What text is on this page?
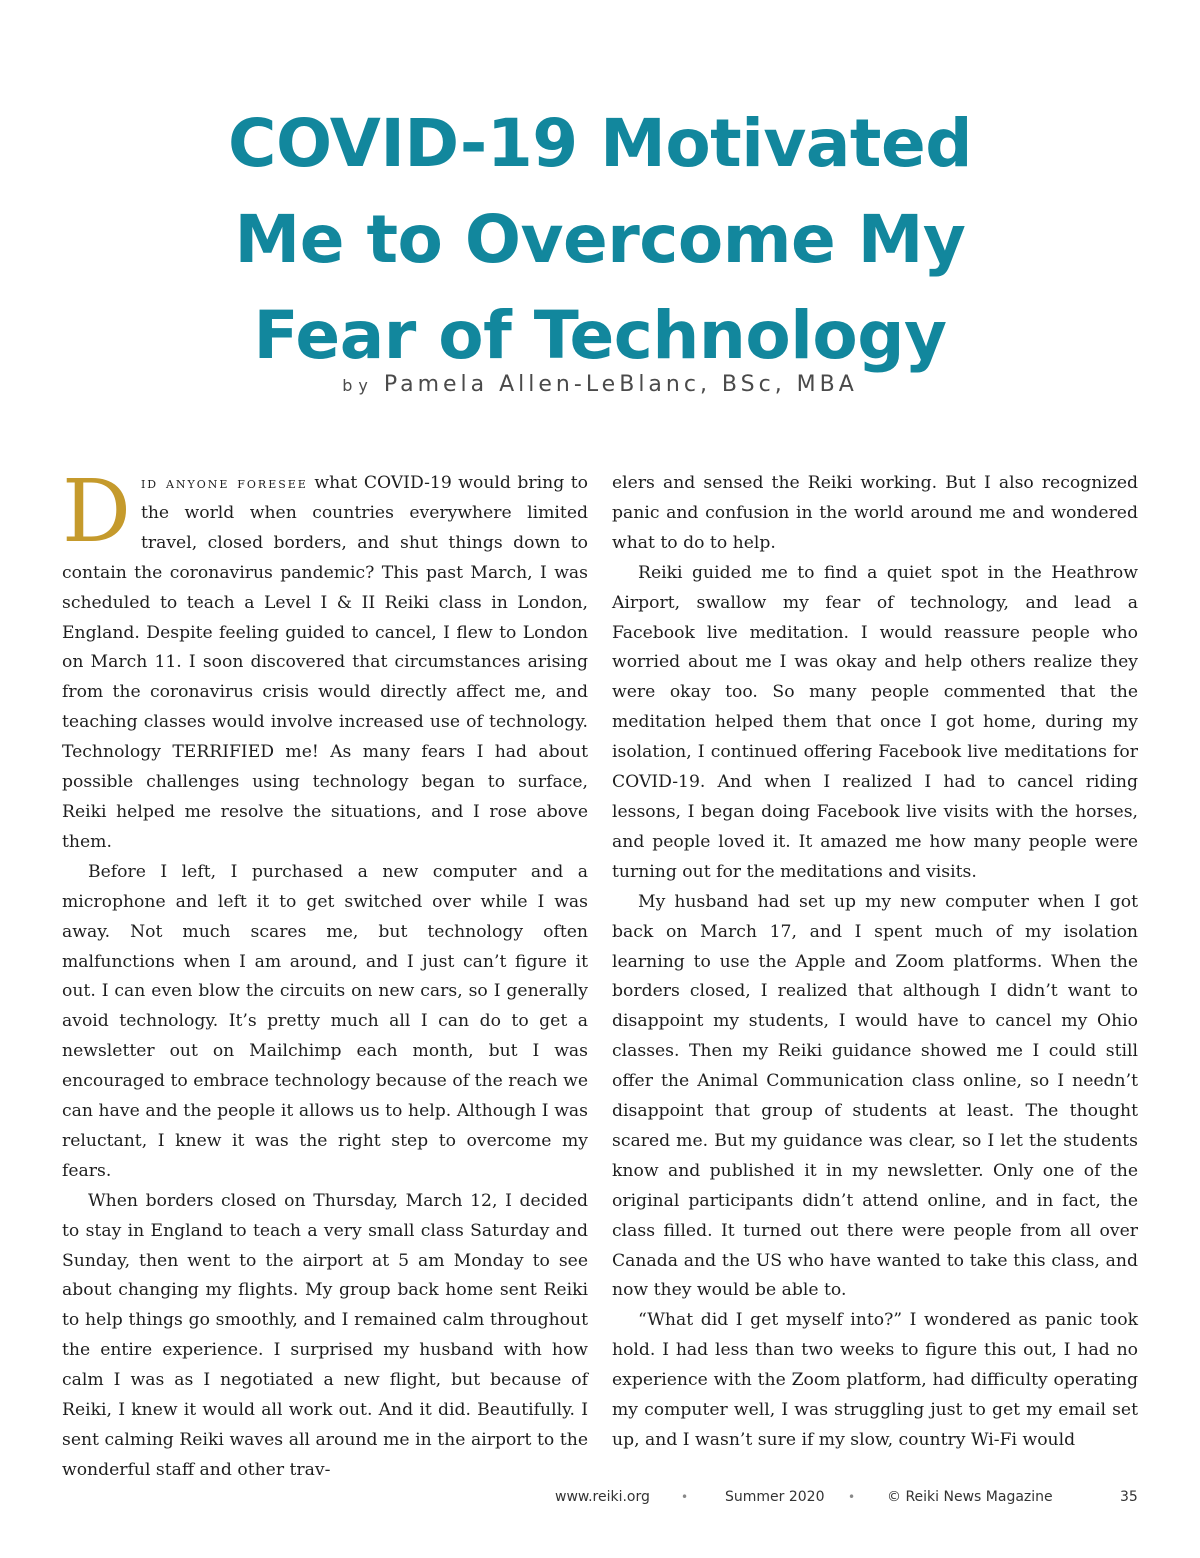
COVID-19 Motivated
Me to Overcome My
Fear of Technology
by Pamela Allen-LeBlanc, BSc, MBA

Did anyone foresee what COVID-19 would bring to the world when countries everywhere limited travel, closed borders, and shut things down to contain the coronavirus pandemic? This past March, I was scheduled to teach a Level I & II Reiki class in London, England. Despite feeling guided to cancel, I flew to London on March 11. I soon discovered that circumstances arising from the coronavirus crisis would directly affect me, and teaching classes would involve increased use of technology. Technology TERRIFIED me! As many fears I had about possible challenges using technology began to surface, Reiki helped me resolve the situations, and I rose above them.

Before I left, I purchased a new computer and a microphone and left it to get switched over while I was away. Not much scares me, but technology often malfunctions when I am around, and I just can’t figure it out. I can even blow the circuits on new cars, so I generally avoid technology. It’s pretty much all I can do to get a newsletter out on Mailchimp each month, but I was encouraged to embrace technology because of the reach we can have and the people it allows us to help. Although I was reluctant, I knew it was the right step to overcome my fears.

When borders closed on Thursday, March 12, I decided to stay in England to teach a very small class Saturday and Sunday, then went to the airport at 5 am Monday to see about changing my flights. My group back home sent Reiki to help things go smoothly, and I remained calm throughout the entire experience. I surprised my husband with how calm I was as I negotiated a new flight, but because of Reiki, I knew it would all work out. And it did. Beautifully. I sent calming Reiki waves all around me in the airport to the wonderful staff and other trav-

elers and sensed the Reiki working. But I also recognized panic and confusion in the world around me and wondered what to do to help.

Reiki guided me to find a quiet spot in the Heathrow Airport, swallow my fear of technology, and lead a Facebook live meditation. I would reassure people who worried about me I was okay and help others realize they were okay too. So many people commented that the meditation helped them that once I got home, during my isolation, I continued offering Facebook live meditations for COVID-19. And when I realized I had to cancel riding lessons, I began doing Facebook live visits with the horses, and people loved it. It amazed me how many people were turning out for the meditations and visits.

My husband had set up my new computer when I got back on March 17, and I spent much of my isolation learning to use the Apple and Zoom platforms. When the borders closed, I realized that although I didn’t want to disappoint my students, I would have to cancel my Ohio classes. Then my Reiki guidance showed me I could still offer the Animal Communication class online, so I needn’t disappoint that group of students at least. The thought scared me. But my guidance was clear, so I let the students know and published it in my newsletter. Only one of the original participants didn’t attend online, and in fact, the class filled. It turned out there were people from all over Canada and the US who have wanted to take this class, and now they would be able to.

“What did I get myself into?” I wondered as panic took hold. I had less than two weeks to figure this out, I had no experience with the Zoom platform, had difficulty operating my computer well, I was struggling just to get my email set up, and I wasn’t sure if my slow, country Wi-Fi would

www.reiki.org	•	Summer 2020 • © Reiki News Magazine	35
